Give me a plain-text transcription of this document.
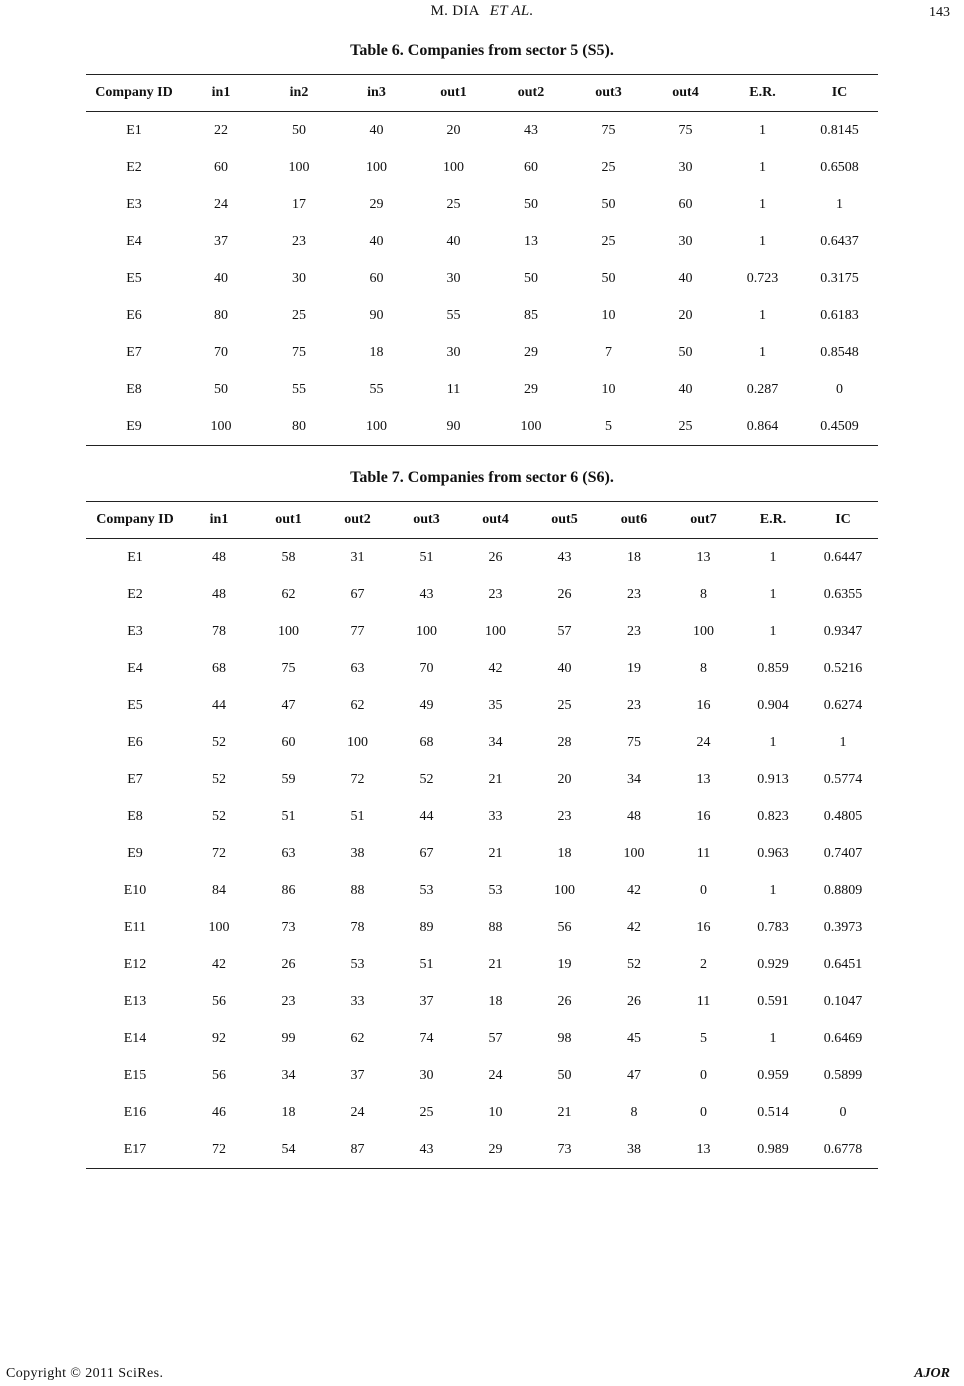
M. DIA ET AL.	143
Table 6. Companies from sector 5 (S5).
Company ID	in1	in2	in3	out1	out2	out3	out4	E.R.	IC
E1	22	50	40	20	43	75	75	1	0.8145
E2	60	100	100	100	60	25	30	1	0.6508
E3	24	17	29	25	50	50	60	1	1
E4	37	23	40	40	13	25	30	1	0.6437
E5	40	30	60	30	50	50	40	0.723	0.3175
E6	80	25	90	55	85	10	20	1	0.6183
E7	70	75	18	30	29	7	50	1	0.8548
E8	50	55	55	11	29	10	40	0.287	0
E9	100	80	100	90	100	5	25	0.864	0.4509
Table 7. Companies from sector 6 (S6).
Company ID	in1	out1	out2	out3	out4	out5	out6	out7	E.R.	IC
E1	48	58	31	51	26	43	18	13	1	0.6447
E2	48	62	67	43	23	26	23	8	1	0.6355
E3	78	100	77	100	100	57	23	100	1	0.9347
E4	68	75	63	70	42	40	19	8	0.859	0.5216
E5	44	47	62	49	35	25	23	16	0.904	0.6274
E6	52	60	100	68	34	28	75	24	1	1
E7	52	59	72	52	21	20	34	13	0.913	0.5774
E8	52	51	51	44	33	23	48	16	0.823	0.4805
E9	72	63	38	67	21	18	100	11	0.963	0.7407
E10	84	86	88	53	53	100	42	0	1	0.8809
E11	100	73	78	89	88	56	42	16	0.783	0.3973
E12	42	26	53	51	21	19	52	2	0.929	0.6451
E13	56	23	33	37	18	26	26	11	0.591	0.1047
E14	92	99	62	74	57	98	45	5	1	0.6469
E15	56	34	37	30	24	50	47	0	0.959	0.5899
E16	46	18	24	25	10	21	8	0	0.514	0
E17	72	54	87	43	29	73	38	13	0.989	0.6778
Copyright © 2011 SciRes.	AJOR
